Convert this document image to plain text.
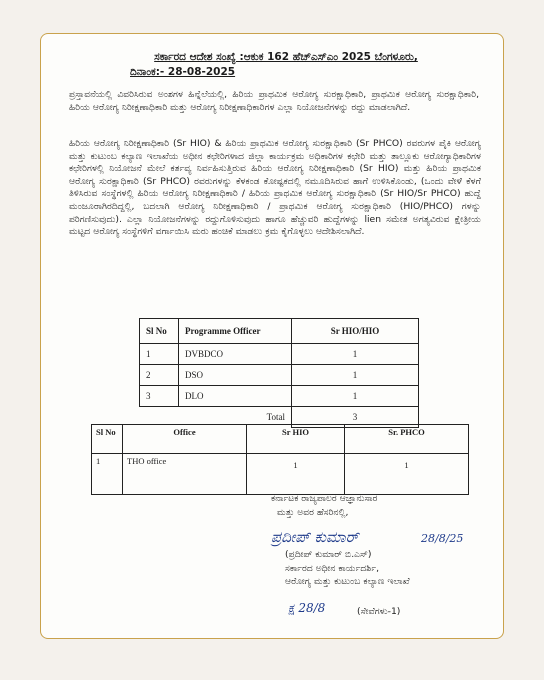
ಸರ್ಕಾರದ ಆದೇಶ ಸಂಖ್ಯೆ :ಆಕುಕ 162 ಹೆಚ್‌ಎಸ್‌ಎಂ 2025 ಬೆಂಗಳೂರು,
ದಿನಾಂಕ:- 28-08-2025

ಪ್ರಸ್ತಾವನೆಯಲ್ಲಿ ವಿವರಿಸಿರುವ ಅಂಶಗಳ ಹಿನ್ನೆಲೆಯಲ್ಲಿ, ಹಿರಿಯ ಪ್ರಾಥಮಿಕ ಆರೋಗ್ಯ ಸುರಕ್ಷಾಧಿಕಾರಿ, ಪ್ರಾಥಮಿಕ ಆರೋಗ್ಯ ಸುರಕ್ಷಾಧಿಕಾರಿ, ಹಿರಿಯ ಆರೋಗ್ಯ ನಿರೀಕ್ಷಣಾಧಿಕಾರಿ ಮತ್ತು ಆರೋಗ್ಯ ನಿರೀಕ್ಷಣಾಧಿಕಾರಿಗಳ ಎಲ್ಲಾ ನಿಯೋಜನೆಗಳನ್ನು ರದ್ದು ಮಾಡಲಾಗಿದೆ.

ಹಿರಿಯ ಆರೋಗ್ಯ ನಿರೀಕ್ಷಣಾಧಿಕಾರಿ (Sr HIO) & ಹಿರಿಯ ಪ್ರಾಥಮಿಕ ಆರೋಗ್ಯ ಸುರಕ್ಷಾಧಿಕಾರಿ (Sr PHCO) ರವರುಗಳ ಪೈಕಿ ಆರೋಗ್ಯ ಮತ್ತು ಕುಟುಂಬ ಕಲ್ಯಾಣ ಇಲಾಖೆಯ ಅಧೀನ ಕಛೇರಿಗಳಾದ ಜಿಲ್ಲಾ ಕಾರ್ಯಕ್ರಮ ಅಧಿಕಾರಿಗಳ ಕಛೇರಿ ಮತ್ತು ತಾಲ್ಲೂಕು ಆರೋಗ್ಯಾಧಿಕಾರಿಗಳ ಕಛೇರಿಗಳಲ್ಲಿ ನಿಯೋಜನೆ ಮೇಲೆ ಕರ್ತವ್ಯ ನಿರ್ವಹಿಸುತ್ತಿರುವ ಹಿರಿಯ ಆರೋಗ್ಯ ನಿರೀಕ್ಷಣಾಧಿಕಾರಿ (Sr HIO) ಮತ್ತು ಹಿರಿಯ ಪ್ರಾಥಮಿಕ ಆರೋಗ್ಯ ಸುರಕ್ಷಾಧಿಕಾರಿ (Sr PHCO) ರವರುಗಳನ್ನು ಕೆಳಕಂಡ ಕೋಷ್ಟಕದಲ್ಲಿ ನಮೂದಿಸಿರುವ ಹಾಗೆ ಉಳಿಸಿಕೊಂಡು, (ಒಂದು ವೇಳೆ ಕೆಳಗೆ ತಿಳಿಸಿರುವ ಸಂಸ್ಥೆಗಳಲ್ಲಿ ಹಿರಿಯ ಆರೋಗ್ಯ ನಿರೀಕ್ಷಣಾಧಿಕಾರಿ / ಹಿರಿಯ ಪ್ರಾಥಮಿಕ ಆರೋಗ್ಯ ಸುರಕ್ಷಾಧಿಕಾರಿ (Sr HIO/Sr PHCO) ಹುದ್ದೆ ಮಂಜೂರಾಗಿರದಿದ್ದಲ್ಲಿ, ಬದಲಾಗಿ ಆರೋಗ್ಯ ನಿರೀಕ್ಷಣಾಧಿಕಾರಿ / ಪ್ರಾಥಮಿಕ ಆರೋಗ್ಯ ಸುರಕ್ಷಾಧಿಕಾರಿ (HIO/PHCO) ಗಳನ್ನು ಪರಿಗಣಿಸುವುದು). ಎಲ್ಲಾ ನಿಯೋಜನೆಗಳನ್ನು ರದ್ದುಗೊಳಿಸುವುದು ಹಾಗೂ ಹೆಚ್ಚುವರಿ ಹುದ್ದೆಗಳನ್ನು lien ಸಮೇತ ಅಗತ್ಯವಿರುವ ಕ್ಷೇತ್ರೀಯ ಮಟ್ಟದ ಆರೋಗ್ಯ ಸಂಸ್ಥೆಗಳಿಗೆ ವರ್ಗಾಯಿಸಿ ಮರು ಹಂಚಿಕೆ ಮಾಡಲು ಕ್ರಮ ಕೈಗೊಳ್ಳಲು ಆದೇಶಿಸಲಾಗಿದೆ.

Sl No	Programme Officer	Sr HIO/HIO
1	DVBDCO	1
2	DSO	1
3	DLO	1
Total		3
Sl No	Office	Sr HIO	Sr. PHCO
1	THO office	1	1
ಕರ್ನಾಟಕ ರಾಜ್ಯಪಾಲರ ಆಜ್ಞಾನುಸಾರ
ಮತ್ತು ಅವರ ಹೆಸರಿನಲ್ಲಿ,
ಪ್ರದೀಪ್ ಕುಮಾರ್	28/8/25
(ಪ್ರದೀಪ್ ಕುಮಾರ್ ಬಿ.ಎಸ್)
ಸರ್ಕಾರದ ಅಧೀನ ಕಾರ್ಯದರ್ಶಿ,
ಆರೋಗ್ಯ ಮತ್ತು ಕುಟುಂಬ ಕಲ್ಯಾಣ ಇಲಾಖೆ
ಕ್ಷ 28/8	(ಸೇವೆಗಳು-1)
